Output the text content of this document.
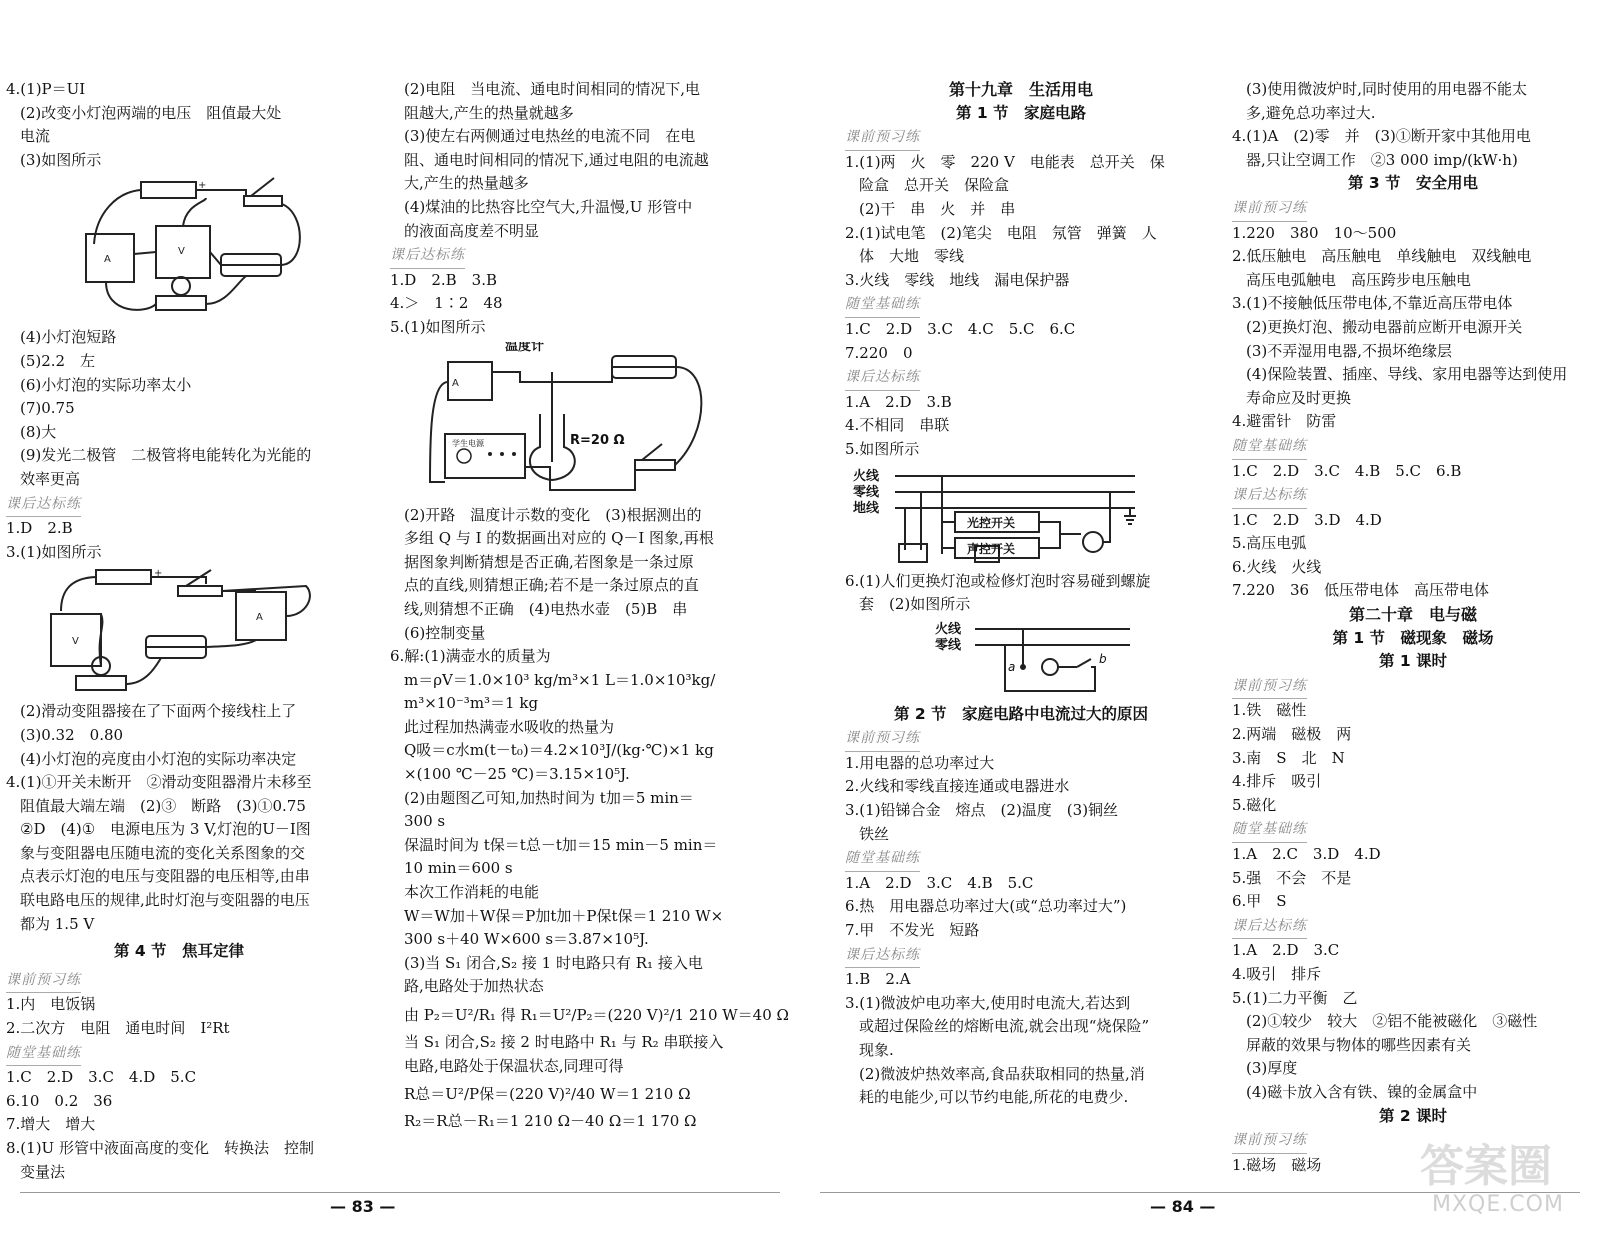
4.(1)P＝UI
(2)改变小灯泡两端的电压　阻值最大处
电流
(3)如图所示
A
V
+
(4)小灯泡短路
(5)2.2　左
(6)小灯泡的实际功率太小
(7)0.75
(8)大
(9)发光二极管　二极管将电能转化为光能的
效率更高
课后达标练
1.D　2.B
3.(1)如图所示
V
A
+
(2)滑动变阻器接在了下面两个接线柱上了
(3)0.32　0.80
(4)小灯泡的亮度由小灯泡的实际功率决定
4.(1)①开关未断开　②滑动变阻器滑片未移至
阻值最大端左端　(2)③　断路　(3)①0.75
②D　(4)①　电源电压为 3 V,灯泡的U－I图
象与变阻器电压随电流的变化关系图象的交
点表示灯泡的电压与变阻器的电压相等,由串
联电路电压的规律,此时灯泡与变阻器的电压
都为 1.5 V
第 4 节　焦耳定律
课前预习练
1.内　电饭锅
2.二次方　电阻　通电时间　I²Rt
随堂基础练
1.C　2.D　3.C　4.D　5.C
6.10　0.2　36
7.增大　增大
8.(1)U 形管中液面高度的变化　转换法　控制
变量法
(2)电阻　当电流、通电时间相同的情况下,电
阻越大,产生的热量就越多
(3)使左右两侧通过电热丝的电流不同　在电
阻、通电时间相同的情况下,通过电阻的电流越
大,产生的热量越多
(4)煤油的比热容比空气大,升温慢,U 形管中
的液面高度差不明显
课后达标练
1.D　2.B　3.B
4.＞　1∶2　48
5.(1)如图所示
A
温度计
R=20 Ω
学生电源
(2)开路　温度计示数的变化　(3)根据测出的
多组 Q 与 I 的数据画出对应的 Q－I 图象,再根
据图象判断猜想是否正确,若图象是一条过原
点的直线,则猜想正确;若不是一条过原点的直
线,则猜想不正确　(4)电热水壶　(5)B　串
(6)控制变量
6.解:(1)满壶水的质量为
m＝ρV＝1.0×10³ kg/m³×1 L＝1.0×10³kg/
m³×10⁻³m³＝1 kg
此过程加热满壶水吸收的热量为
Q吸＝c水m(t－t₀)＝4.2×10³J/(kg·℃)×1 kg
×(100 ℃－25 ℃)＝3.15×10⁵J.
(2)由题图乙可知,加热时间为 t加＝5 min＝
300 s
保温时间为 t保＝t总－t加＝15 min－5 min＝
10 min＝600 s
本次工作消耗的电能
W＝W加＋W保＝P加t加＋P保t保＝1 210 W×
300 s＋40 W×600 s＝3.87×10⁵J.
(3)当 S₁ 闭合,S₂ 接 1 时电路只有 R₁ 接入电
路,电路处于加热状态
由 P₂＝U²/R₁ 得 R₁＝U²/P₂＝(220 V)²/1 210 W＝40 Ω
当 S₁ 闭合,S₂ 接 2 时电路中 R₁ 与 R₂ 串联接入
电路,电路处于保温状态,同理可得
R总＝U²/P保＝(220 V)²/40 W＝1 210 Ω
R₂＝R总－R₁＝1 210 Ω－40 Ω＝1 170 Ω
第十九章　生活用电
第 1 节　家庭电路
课前预习练
1.(1)两　火　零　220 V　电能表　总开关　保
险盒　总开关　保险盒
(2)干　串　火　并　串
2.(1)试电笔　(2)笔尖　电阻　氖管　弹簧　人
体　大地　零线
3.火线　零线　地线　漏电保护器
随堂基础练
1.C　2.D　3.C　4.C　5.C　6.C
7.220　0
课后达标练
1.A　2.D　3.B
4.不相同　串联
5.如图所示
火线
零线
地线
光控开关
声控开关
6.(1)人们更换灯泡或检修灯泡时容易碰到螺旋
套　(2)如图所示
火线
零线
a
b
第 2 节　家庭电路中电流过大的原因
课前预习练
1.用电器的总功率过大
2.火线和零线直接连通或电器进水
3.(1)铅锑合金　熔点　(2)温度　(3)铜丝
铁丝
随堂基础练
1.A　2.D　3.C　4.B　5.C
6.热　用电器总功率过大(或“总功率过大”)
7.甲　不发光　短路
课后达标练
1.B　2.A
3.(1)微波炉电功率大,使用时电流大,若达到
或超过保险丝的熔断电流,就会出现“烧保险”
现象.
(2)微波炉热效率高,食品获取相同的热量,消
耗的电能少,可以节约电能,所花的电费少.
(3)使用微波炉时,同时使用的用电器不能太
多,避免总功率过大.
4.(1)A　(2)零　并　(3)①断开家中其他用电
器,只让空调工作　②3 000 imp/(kW·h)
第 3 节　安全用电
课前预习练
1.220　380　10～500
2.低压触电　高压触电　单线触电　双线触电
高压电弧触电　高压跨步电压触电
3.(1)不接触低压带电体,不靠近高压带电体
(2)更换灯泡、搬动电器前应断开电源开关
(3)不弄湿用电器,不损坏绝缘层
(4)保险装置、插座、导线、家用电器等达到使用
寿命应及时更换
4.避雷针　防雷
随堂基础练
1.C　2.D　3.C　4.B　5.C　6.B
课后达标练
1.C　2.D　3.D　4.D
5.高压电弧
6.火线　火线
7.220　36　低压带电体　高压带电体
第二十章　电与磁
第 1 节　磁现象　磁场
第 1 课时
课前预习练
1.铁　磁性
2.两端　磁极　两
3.南　S　北　N
4.排斥　吸引
5.磁化
随堂基础练
1.A　2.C　3.D　4.D
5.强　不会　不是
6.甲　S
课后达标练
1.A　2.D　3.C
4.吸引　排斥
5.(1)二力平衡　乙
(2)①较少　较大　②铝不能被磁化　③磁性
屏蔽的效果与物体的哪些因素有关
(3)厚度
(4)磁卡放入含有铁、镍的金属盒中
第 2 课时
课前预习练
1.磁场　磁场
— 83 —	— 84 —
答案圈
MXQE.COM
